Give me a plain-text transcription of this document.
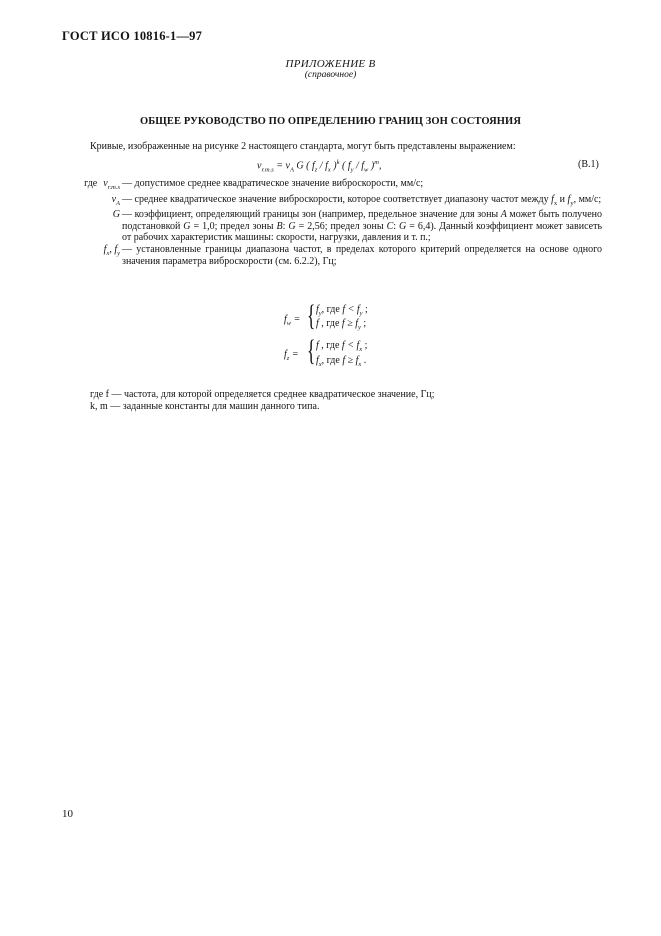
ГОСТ ИСО 10816-1—97
ПРИЛОЖЕНИЕ В
(справочное)
ОБЩЕЕ РУКОВОДСТВО ПО ОПРЕДЕЛЕНИЮ ГРАНИЦ ЗОН СОСТОЯНИЯ
Кривые, изображенные на рисунке 2 настоящего стандарта, могут быть представлены выражением:
$v_{r.m.s} = v_A$ G ( $f_z / f_x$ )$^k$ ( $f_y / f_w$ )$^m$,	(B.1)
где $v_{r.m.s}$ — допустимое среднее квадратическое значение виброскорости, мм/с;
$v_A$ — среднее квадратическое значение виброскорости, которое соответствует диапазону частот между $f_x$ и $f_y$, мм/с;
G — коэффициент, определяющий границы зон (например, предельное значение для зоны A может быть получено подстановкой G = 1,0; предел зоны B: G = 2,56; предел зоны C: G = 6,4). Данный коэффициент может зависеть от рабочих характеристик машины: скорости, нагрузки, давления и т. п.;
$f_x$, $f_y$ — установленные границы диапазона частот, в пределах которого критерий определяется на основе одного значения параметра виброскорости (см. 6.2.2), Гц;
$f_w$ = { $f_y$, где $f < f_y$ ;
f , где $f \ge f_y$ ;
$f_z$ = { f , где $f < f_x$ ;
$f_x$, где $f \ge f_x$ .
где f — частота, для которой определяется среднее квадратическое значение, Гц;
k, m — заданные константы для машин данного типа.
10
